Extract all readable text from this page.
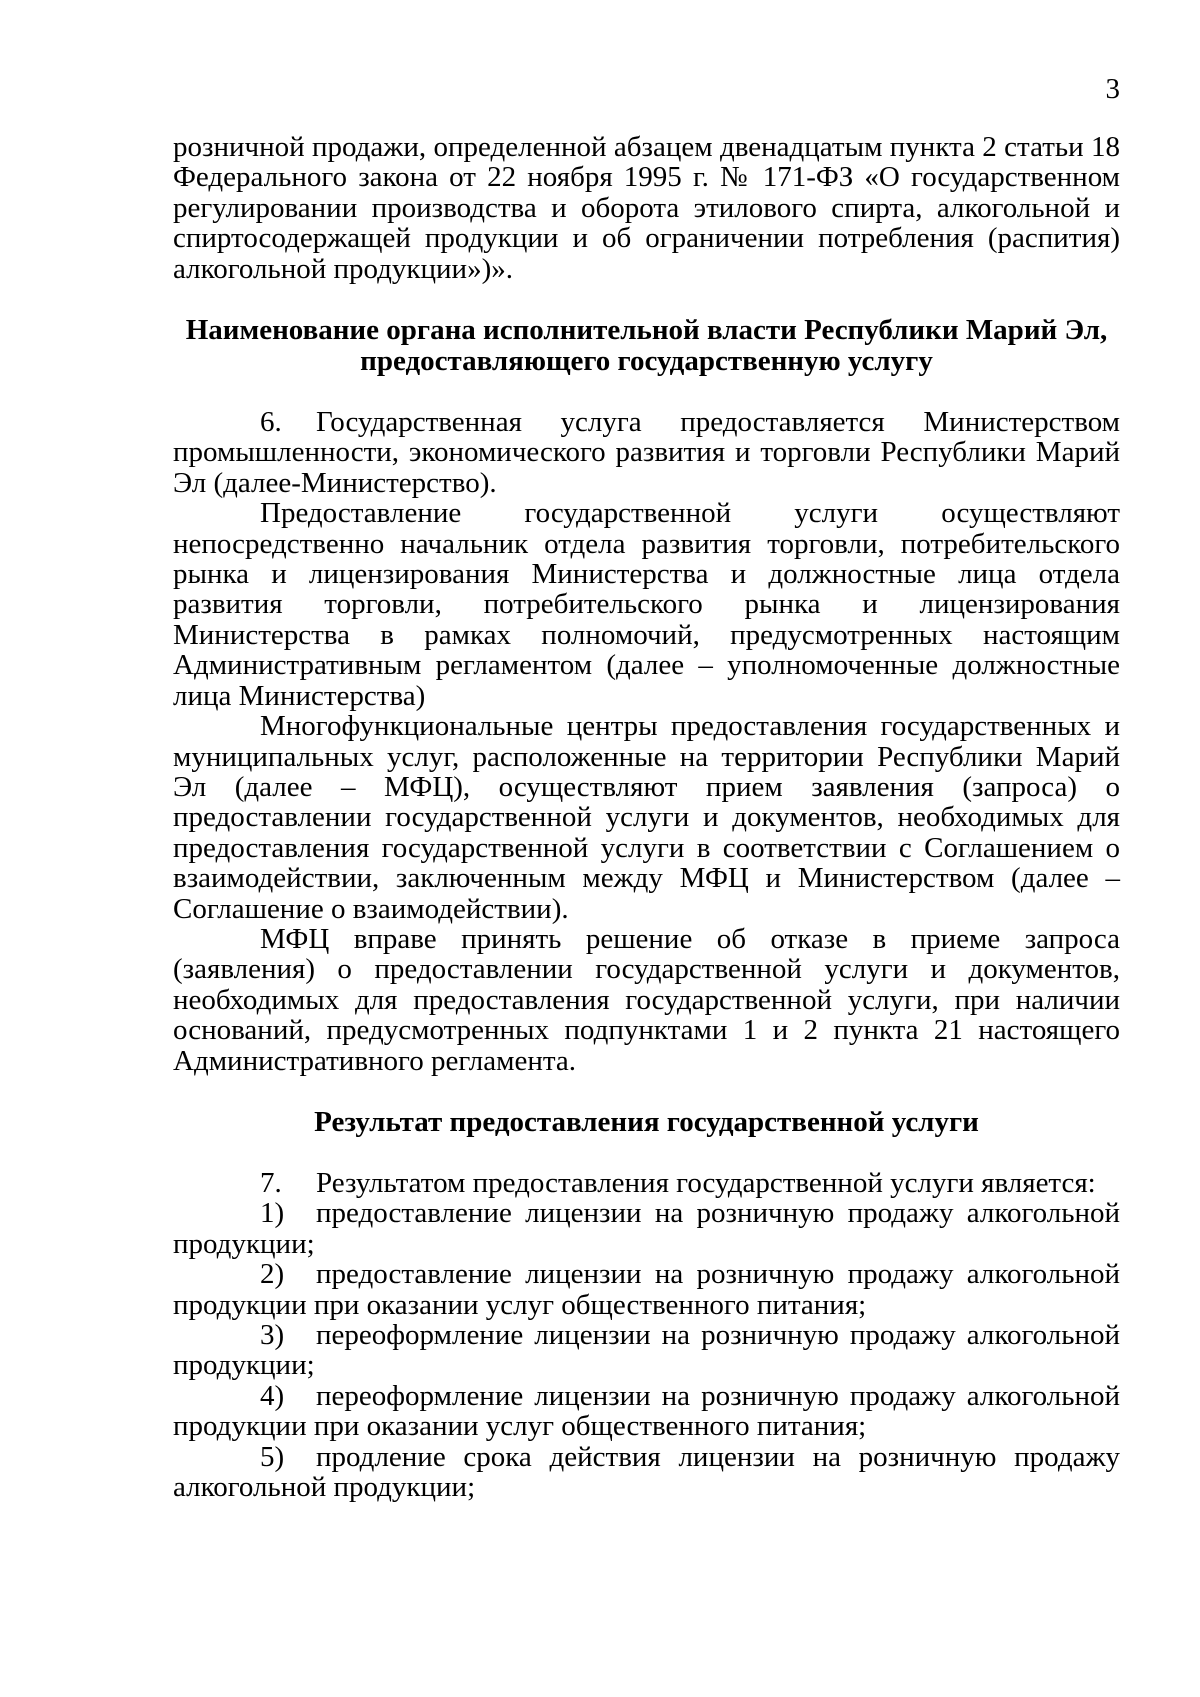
3

розничной продажи, определенной абзацем двенадцатым пункта 2 статьи 18 Федерального закона от 22 ноября 1995 г. № 171-ФЗ «О государственном регулировании производства и оборота этилового спирта, алкогольной и спиртосодержащей продукции и об ограничении потребления (распития) алкогольной продукции»)».

Наименование органа исполнительной власти Республики Марий Эл,
предоставляющего государственную услугу

6. Государственная услуга предоставляется Министерством промышленности, экономического развития и торговли Республики Марий Эл (далее-Министерство).

Предоставление государственной услуги осуществляют непосредственно начальник отдела развития торговли, потребительского рынка и лицензирования Министерства и должностные лица отдела развития торговли, потребительского рынка и лицензирования Министерства в рамках полномочий, предусмотренных настоящим Административным регламентом (далее – уполномоченные должностные лица Министерства)

Многофункциональные центры предоставления государственных и муниципальных услуг, расположенные на территории Республики Марий Эл (далее – МФЦ), осуществляют прием заявления (запроса) о предоставлении государственной услуги и документов, необходимых для предоставления государственной услуги в соответствии с Соглашением о взаимодействии, заключенным между МФЦ и Министерством (далее – Соглашение о взаимодействии).

МФЦ вправе принять решение об отказе в приеме запроса (заявления) о предоставлении государственной услуги и документов, необходимых для предоставления государственной услуги, при наличии оснований, предусмотренных подпунктами 1 и 2 пункта 21 настоящего Административного регламента.

Результат предоставления государственной услуги

7. Результатом предоставления государственной услуги является:

1) предоставление лицензии на розничную продажу алкогольной продукции;

2) предоставление лицензии на розничную продажу алкогольной продукции при оказании услуг общественного питания;

3) переоформление лицензии на розничную продажу алкогольной продукции;

4) переоформление лицензии на розничную продажу алкогольной продукции при оказании услуг общественного питания;

5) продление срока действия лицензии на розничную продажу алкогольной продукции;
